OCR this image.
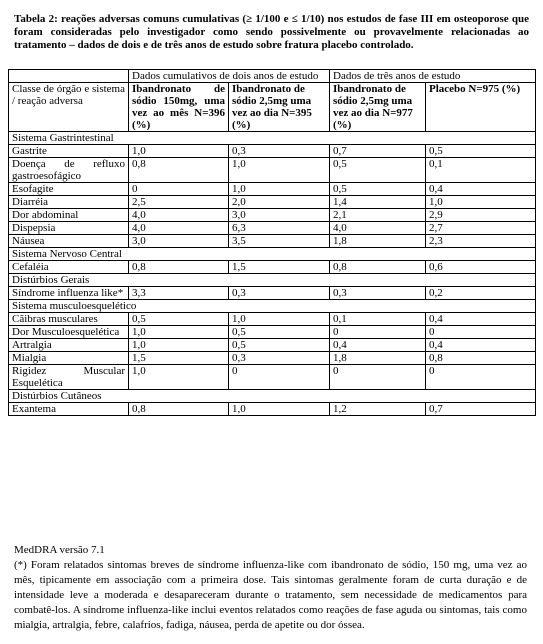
Tabela 2: reações adversas comuns cumulativas (≥ 1/100 e ≤ 1/10) nos estudos de fase III em osteoporose que foram consideradas pelo investigador como sendo possivelmente ou provavelmente relacionadas ao tratamento – dados de dois e de três anos de estudo sobre fratura placebo controlado.
	Dados cumulativos de dois anos de estudo		Dados de três anos de estudo	
Classe de órgão e sistema / reação adversa	Ibandronato de sódio 150mg, uma vez ao mês N=396 (%)	Ibandronato de sódio 2,5mg uma vez ao dia N=395 (%)	Ibandronato de sódio 2,5mg uma vez ao dia N=977 (%)	Placebo N=975 (%)
Sistema Gastrintestinal				
Gastrite	1,0	0,3	0,7	0,5
Doença de refluxo gastroesofágico	0,8	1,0	0,5	0,1
Esofagite	0	1,0	0,5	0,4
Diarréia	2,5	2,0	1,4	1,0
Dor abdominal	4,0	3,0	2,1	2,9
Dispepsia	4,0	6,3	4,0	2,7
Náusea	3,0	3,5	1,8	2,3
Sistema Nervoso Central				
Cefaléia	0,8	1,5	0,8	0,6
Distúrbios Gerais				
Síndrome influenza like*	3,3	0,3	0,3	0,2
Sistema musculoesquelético				
Cãibras musculares	0,5	1,0	0,1	0,4
Dor Musculoesquelética	1,0	0,5	0	0
Artralgia	1,0	0,5	0,4	0,4
Mialgia	1,5	0,3	1,8	0,8
Rigidez Muscular Esquelética	1,0	0	0	0
Distúrbios Cutâneos				
Exantema	0,8	1,0	1,2	0,7
MedDRA versão 7.1
(*) Foram relatados sintomas breves de síndrome influenza-like com ibandronato de sódio, 150 mg, uma vez ao mês, tipicamente em associação com a primeira dose. Tais sintomas geralmente foram de curta duração e de intensidade leve a moderada e desapareceram durante o tratamento, sem necessidade de medicamentos para combatê-los. A síndrome influenza-like inclui eventos relatados como reações de fase aguda ou sintomas, tais como mialgia, artralgia, febre, calafrios, fadiga, náusea, perda de apetite ou dor óssea.
